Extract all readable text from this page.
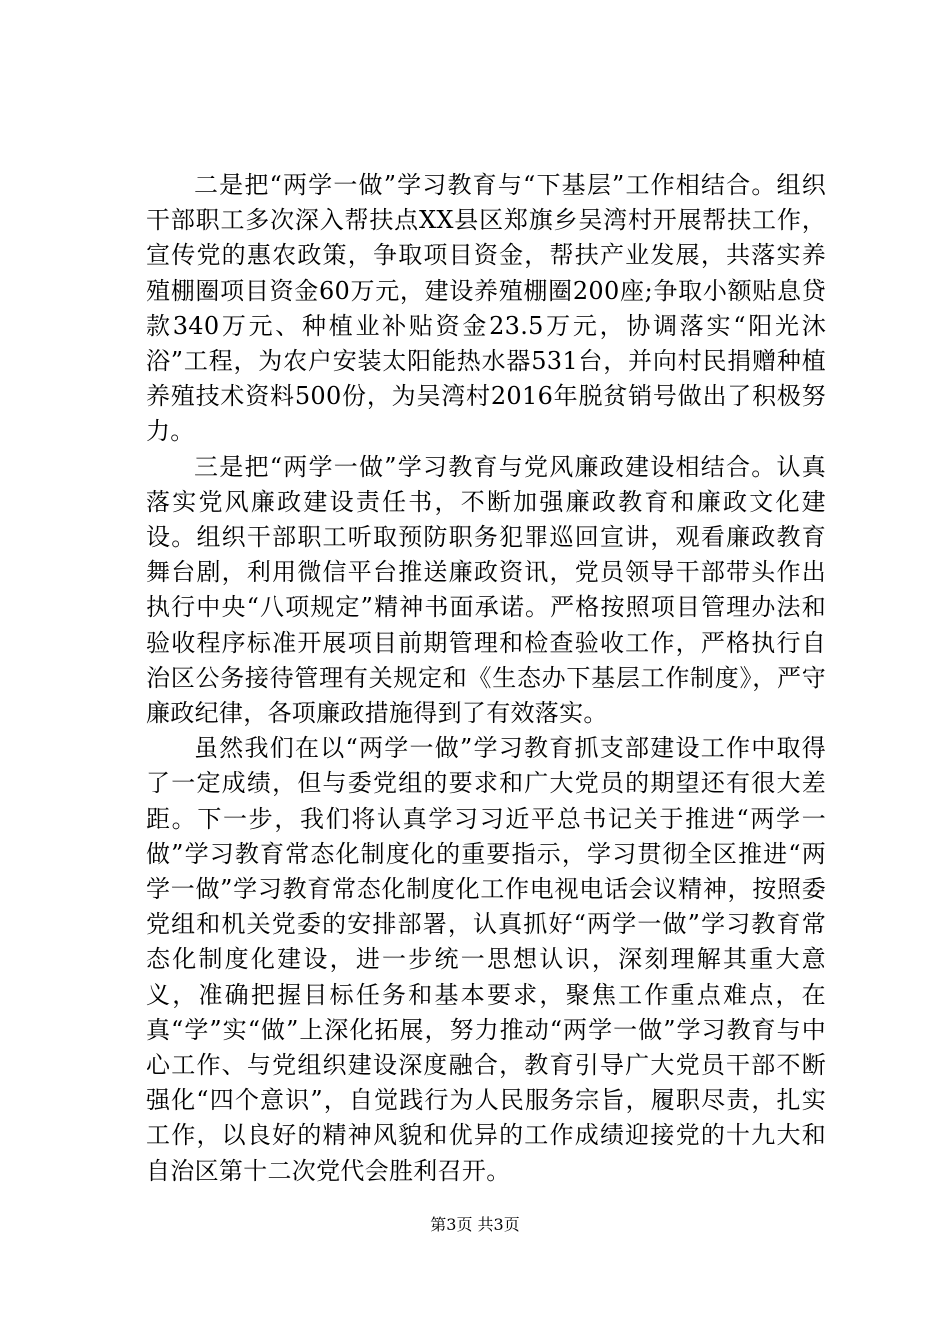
二是把“两学一做”学习教育与“下基层”工作相结合。组织干部职工多次深入帮扶点XX县区郑旗乡吴湾村开展帮扶工作，宣传党的惠农政策，争取项目资金，帮扶产业发展，共落实养殖棚圈项目资金60万元，建设养殖棚圈200座;争取小额贴息贷款340万元、种植业补贴资金23.5万元，协调落实“阳光沐浴”工程，为农户安装太阳能热水器531台，并向村民捐赠种植养殖技术资料500份，为吴湾村2016年脱贫销号做出了积极努力。

三是把“两学一做”学习教育与党风廉政建设相结合。认真落实党风廉政建设责任书，不断加强廉政教育和廉政文化建设。组织干部职工听取预防职务犯罪巡回宣讲，观看廉政教育舞台剧，利用微信平台推送廉政资讯，党员领导干部带头作出执行中央“八项规定”精神书面承诺。严格按照项目管理办法和验收程序标准开展项目前期管理和检查验收工作，严格执行自治区公务接待管理有关规定和《生态办下基层工作制度》，严守廉政纪律，各项廉政措施得到了有效落实。

虽然我们在以“两学一做”学习教育抓支部建设工作中取得了一定成绩，但与委党组的要求和广大党员的期望还有很大差距。下一步，我们将认真学习习近平总书记关于推进“两学一做”学习教育常态化制度化的重要指示，学习贯彻全区推进“两学一做”学习教育常态化制度化工作电视电话会议精神，按照委党组和机关党委的安排部署，认真抓好“两学一做”学习教育常态化制度化建设，进一步统一思想认识，深刻理解其重大意义，准确把握目标任务和基本要求，聚焦工作重点难点，在真“学”实“做”上深化拓展，努力推动“两学一做”学习教育与中心工作、与党组织建设深度融合，教育引导广大党员干部不断强化“四个意识”，自觉践行为人民服务宗旨，履职尽责，扎实工作，以良好的精神风貌和优异的工作成绩迎接党的十九大和自治区第十二次党代会胜利召开。

第3页 共3页
